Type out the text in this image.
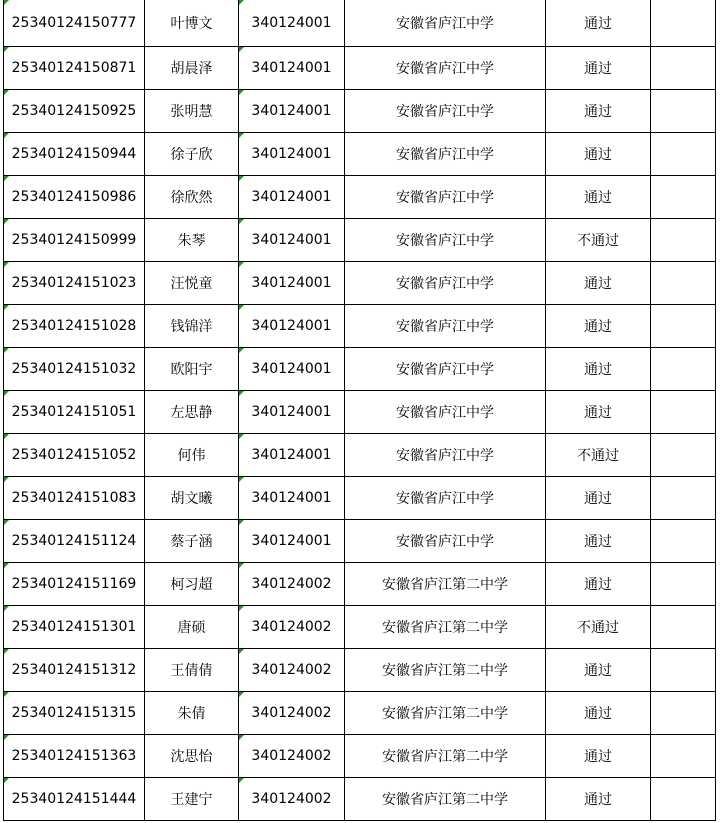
25340124150777	叶博文	340124001	安徽省庐江中学	通过	
25340124150871	胡晨泽	340124001	安徽省庐江中学	通过	
25340124150925	张明慧	340124001	安徽省庐江中学	通过	
25340124150944	徐子欣	340124001	安徽省庐江中学	通过	
25340124150986	徐欣然	340124001	安徽省庐江中学	通过	
25340124150999	朱琴	340124001	安徽省庐江中学	不通过	
25340124151023	汪悦童	340124001	安徽省庐江中学	通过	
25340124151028	钱锦洋	340124001	安徽省庐江中学	通过	
25340124151032	欧阳宇	340124001	安徽省庐江中学	通过	
25340124151051	左思静	340124001	安徽省庐江中学	通过	
25340124151052	何伟	340124001	安徽省庐江中学	不通过	
25340124151083	胡文曦	340124001	安徽省庐江中学	通过	
25340124151124	蔡子涵	340124001	安徽省庐江中学	通过	
25340124151169	柯习超	340124002	安徽省庐江第二中学	通过	
25340124151301	唐硕	340124002	安徽省庐江第二中学	不通过	
25340124151312	王倩倩	340124002	安徽省庐江第二中学	通过	
25340124151315	朱倩	340124002	安徽省庐江第二中学	通过	
25340124151363	沈思怡	340124002	安徽省庐江第二中学	通过	
25340124151444	王建宁	340124002	安徽省庐江第二中学	通过	
